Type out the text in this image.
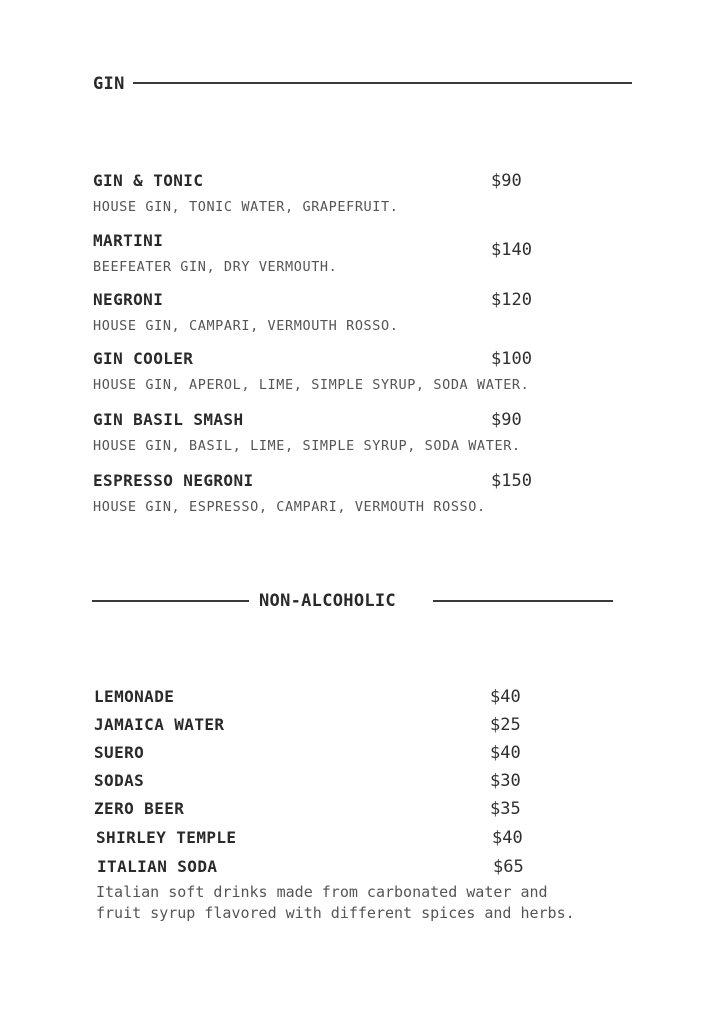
GIN
GIN & TONIC	$90
HOUSE GIN, TONIC WATER, GRAPEFRUIT.
MARTINI	$140
BEEFEATER GIN, DRY VERMOUTH.
NEGRONI	$120
HOUSE GIN, CAMPARI, VERMOUTH ROSSO.
GIN COOLER	$100
HOUSE GIN, APEROL, LIME, SIMPLE SYRUP, SODA WATER.
GIN BASIL SMASH	$90
HOUSE GIN, BASIL, LIME, SIMPLE SYRUP, SODA WATER.
ESPRESSO NEGRONI	$150
HOUSE GIN, ESPRESSO, CAMPARI, VERMOUTH ROSSO.
NON-ALCOHOLIC
LEMONADE	$40
JAMAICA WATER	$25
SUERO	$40
SODAS	$30
ZERO BEER	$35
SHIRLEY TEMPLE	$40
ITALIAN SODA	$65
Italian soft drinks made from carbonated water and
fruit syrup flavored with different spices and herbs.
